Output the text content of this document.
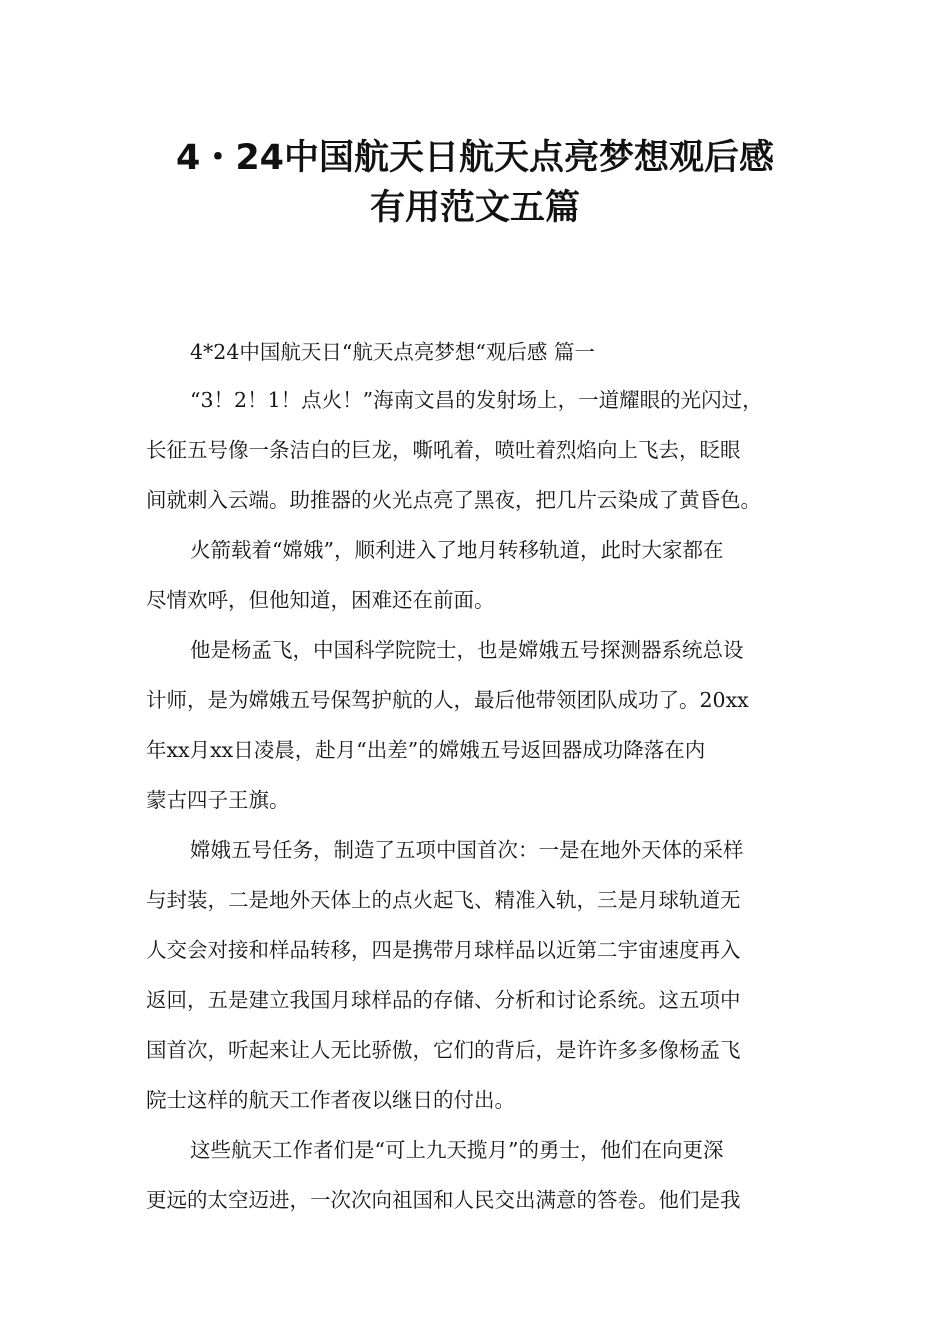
4・24中国航天日航天点亮梦想观后感
有用范文五篇
4*24中国航天日“航天点亮梦想“观后感 篇一
“3！2！1！点火！”海南文昌的发射场上，一道耀眼的光闪过，
长征五号像一条洁白的巨龙，嘶吼着，喷吐着烈焰向上飞去，眨眼
间就刺入云端。助推器的火光点亮了黑夜，把几片云染成了黄昏色。
火箭载着“嫦娥”，顺利进入了地月转移轨道，此时大家都在
尽情欢呼，但他知道，困难还在前面。
他是杨孟飞，中国科学院院士，也是嫦娥五号探测器系统总设
计师，是为嫦娥五号保驾护航的人，最后他带领团队成功了。20xx
年xx月xx日凌晨，赴月“出差”的嫦娥五号返回器成功降落在内
蒙古四子王旗。
嫦娥五号任务，制造了五项中国首次：一是在地外天体的采样
与封装，二是地外天体上的点火起飞、精准入轨，三是月球轨道无
人交会对接和样品转移，四是携带月球样品以近第二宇宙速度再入
返回，五是建立我国月球样品的存储、分析和讨论系统。这五项中
国首次，听起来让人无比骄傲，它们的背后，是许许多多像杨孟飞
院士这样的航天工作者夜以继日的付出。
这些航天工作者们是“可上九天揽月”的勇士，他们在向更深
更远的太空迈进，一次次向祖国和人民交出满意的答卷。他们是我
